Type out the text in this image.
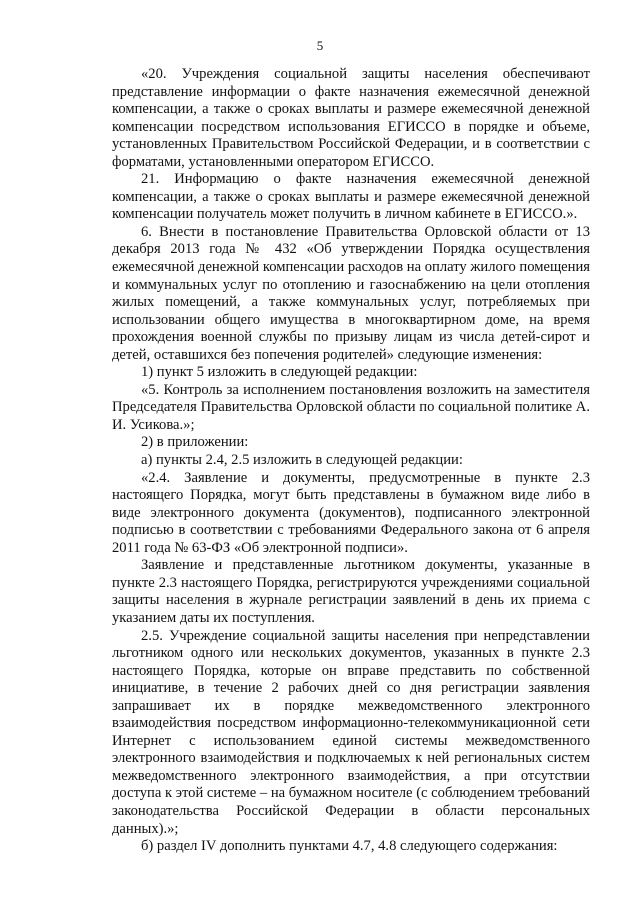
5

«20. Учреждения социальной защиты населения обеспечивают представление информации о факте назначения ежемесячной денежной компенсации, а также о сроках выплаты и размере ежемесячной денежной компенсации посредством использования ЕГИССО в порядке и объеме, установленных Правительством Российской Федерации, и в соответствии с форматами, установленными оператором ЕГИССО.

21. Информацию о факте назначения ежемесячной денежной компенсации, а также о сроках выплаты и размере ежемесячной денежной компенсации получатель может получить в личном кабинете в ЕГИССО.».

6. Внести в постановление Правительства Орловской области от 13 декабря 2013 года № 432 «Об утверждении Порядка осуществления ежемесячной денежной компенсации расходов на оплату жилого помещения и коммунальных услуг по отоплению и газоснабжению на цели отопления жилых помещений, а также коммунальных услуг, потребляемых при использовании общего имущества в многоквартирном доме, на время прохождения военной службы по призыву лицам из числа детей-сирот и детей, оставшихся без попечения родителей» следующие изменения:

1) пункт 5 изложить в следующей редакции:

«5. Контроль за исполнением постановления возложить на заместителя Председателя Правительства Орловской области по социальной политике А. И. Усикова.»;

2) в приложении:

а) пункты 2.4, 2.5 изложить в следующей редакции:

«2.4. Заявление и документы, предусмотренные в пункте 2.3 настоящего Порядка, могут быть представлены в бумажном виде либо в виде электронного документа (документов), подписанного электронной подписью в соответствии с требованиями Федерального закона от 6 апреля 2011 года № 63-ФЗ «Об электронной подписи».

Заявление и представленные льготником документы, указанные в пункте 2.3 настоящего Порядка, регистрируются учреждениями социальной защиты населения в журнале регистрации заявлений в день их приема с указанием даты их поступления.

2.5. Учреждение социальной защиты населения при непредставлении льготником одного или нескольких документов, указанных в пункте 2.3 настоящего Порядка, которые он вправе представить по собственной инициативе, в течение 2 рабочих дней со дня регистрации заявления запрашивает их в порядке межведомственного электронного взаимодействия посредством информационно-телекоммуникационной сети Интернет с использованием единой системы межведомственного электронного взаимодействия и подключаемых к ней региональных систем межведомственного электронного взаимодействия, а при отсутствии доступа к этой системе – на бумажном носителе (с соблюдением требований законодательства Российской Федерации в области персональных данных).»;

б) раздел IV дополнить пунктами 4.7, 4.8 следующего содержания:
